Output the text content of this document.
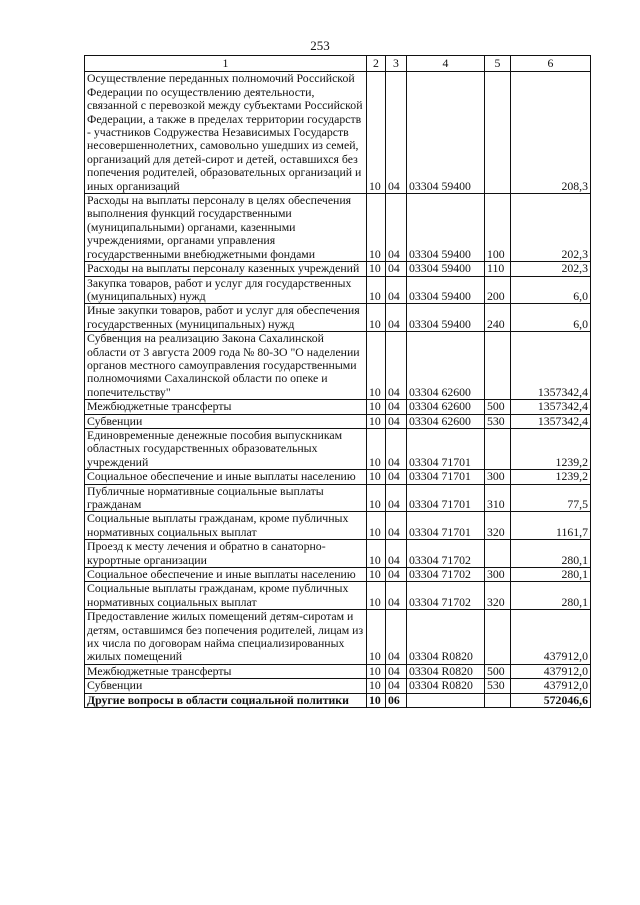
253
1	2	3	4	5	6
Осуществление переданных полномочий Российской Федерации по осуществлению деятельности, связанной с перевозкой между субъектами Российской Федерации, а также в пределах территории государств - участников Содружества Независимых Государств несовершеннолетних, самовольно ушедших из семей, организаций для детей-сирот и детей, оставшихся без попечения родителей, образовательных организаций и иных организаций	10	04	03304 59400		208,3
Расходы на выплаты персоналу в целях обеспечения выполнения функций государственными (муниципальными) органами, казенными учреждениями, органами управления государственными внебюджетными фондами	10	04	03304 59400	100	202,3
Расходы на выплаты персоналу казенных учреждений	10	04	03304 59400	110	202,3
Закупка товаров, работ и услуг для государственных (муниципальных) нужд	10	04	03304 59400	200	6,0
Иные закупки товаров, работ и услуг для обеспечения государственных (муниципальных) нужд	10	04	03304 59400	240	6,0
Субвенция на реализацию Закона Сахалинской области от 3 августа 2009 года № 80-ЗО "О наделении органов местного самоуправления государственными полномочиями Сахалинской области по опеке и попечительству"	10	04	03304 62600		1357342,4
Межбюджетные трансферты	10	04	03304 62600	500	1357342,4
Субвенции	10	04	03304 62600	530	1357342,4
Единовременные денежные пособия выпускникам областных государственных образовательных учреждений	10	04	03304 71701		1239,2
Социальное обеспечение и иные выплаты населению	10	04	03304 71701	300	1239,2
Публичные нормативные социальные выплаты гражданам	10	04	03304 71701	310	77,5
Социальные выплаты гражданам, кроме публичных нормативных социальных выплат	10	04	03304 71701	320	1161,7
Проезд к месту лечения и обратно в санаторно-курортные организации	10	04	03304 71702		280,1
Социальное обеспечение и иные выплаты населению	10	04	03304 71702	300	280,1
Социальные выплаты гражданам, кроме публичных нормативных социальных выплат	10	04	03304 71702	320	280,1
Предоставление жилых помещений детям-сиротам и детям, оставшимся без попечения родителей, лицам из их числа по договорам найма специализированных жилых помещений	10	04	03304 R0820		437912,0
Межбюджетные трансферты	10	04	03304 R0820	500	437912,0
Субвенции	10	04	03304 R0820	530	437912,0
Другие вопросы в области социальной политики	10	06			572046,6
